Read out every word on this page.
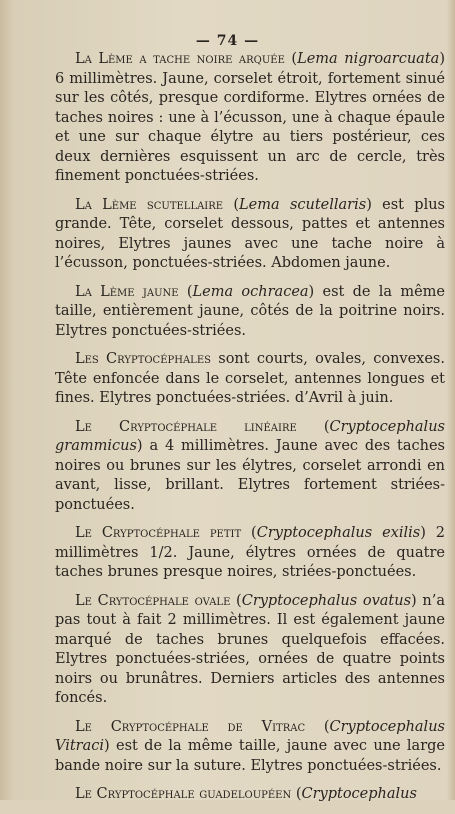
— 74 —

La Lème a tache noire arquée (Lema nigroarcuata) 6 millimètres. Jaune, corselet étroit, fortement sinué sur les côtés, presque cordiforme. Elytres ornées de taches noires : une à l’écusson, une à chaque épaule et une sur chaque élytre au tiers postérieur, ces deux dernières esquissent un arc de cercle, très finement ponctuées-striées.

La Lème scutellaire (Lema scutellaris) est plus grande. Tête, corselet dessous, pattes et antennes noires, Elytres jaunes avec une tache noire à l’écusson, ponctuées-striées. Abdomen jaune.

La Lème jaune (Lema ochracea) est de la même taille, entièrement jaune, côtés de la poitrine noirs. Elytres ponctuées-striées.

Les Cryptocéphales sont courts, ovales, convexes. Tête enfoncée dans le corselet, antennes longues et fines. Elytres ponctuées-striées. d’Avril à juin.

Le Cryptocéphale linéaire (Cryptocephalus grammicus) a 4 millimètres. Jaune avec des taches noires ou brunes sur les élytres, corselet arrondi en avant, lisse, brillant. Elytres fortement striées-ponctuées.

Le Cryptocéphale petit (Cryptocephalus exilis) 2 millimètres 1/2. Jaune, élytres ornées de quatre taches brunes presque noires, striées-ponctuées.

Le Crytocéphale ovale (Cryptocephalus ovatus) n’a pas tout à fait 2 millimètres. Il est également jaune marqué de taches brunes quelquefois effacées. Elytres ponctuées-striées, ornées de quatre points noirs ou brunâtres. Derniers articles des antennes foncés.

Le Cryptocéphale de Vitrac (Cryptocephalus Vitraci) est de la même taille, jaune avec une large bande noire sur la suture. Elytres ponctuées-striées.

Le Cryptocéphale guadeloupéen (Cryptocephalus
